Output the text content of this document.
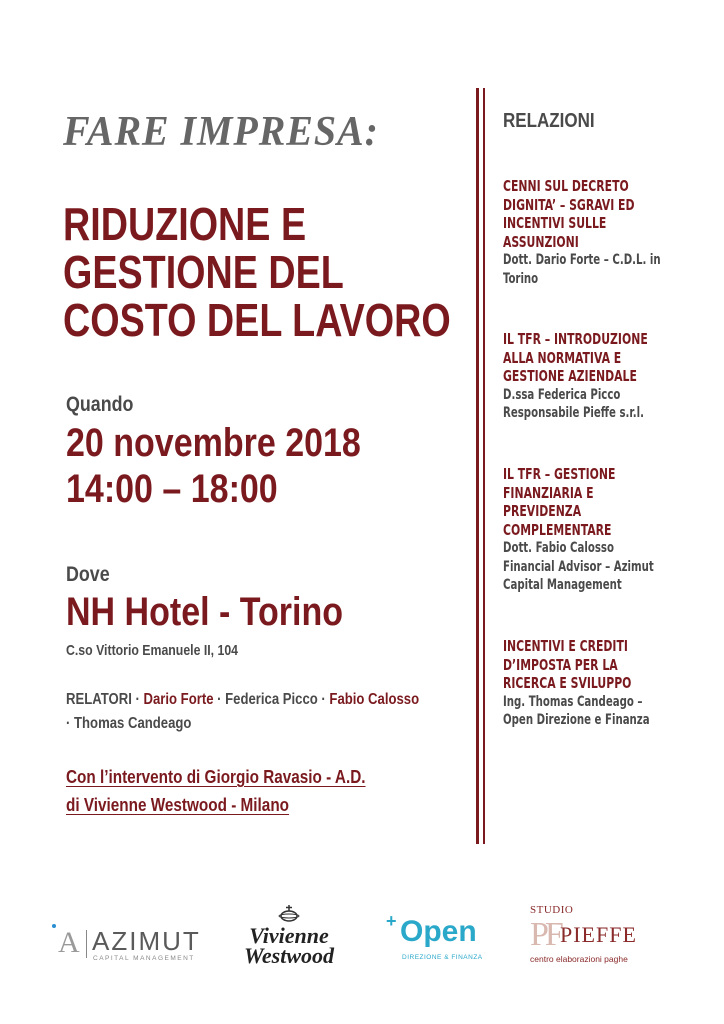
FARE IMPRESA:
RIDUZIONE E
GESTIONE DEL
COSTO DEL LAVORO
Quando
20 novembre 2018
14:00 – 18:00
Dove
NH Hotel - Torino
C.so Vittorio Emanuele II, 104
RELATORI · Dario Forte · Federica Picco · Fabio Calosso
· Thomas Candeago
Con l’intervento di Giorgio Ravasio - A.D.
di Vivienne Westwood - Milano
RELAZIONI
CENNI SUL DECRETO
DIGNITA’ – SGRAVI ED
INCENTIVI SULLE
ASSUNZIONI
Dott. Dario Forte – C.D.L. in
Torino
IL TFR – INTRODUZIONE
ALLA NORMATIVA E
GESTIONE AZIENDALE
D.ssa Federica Picco
Responsabile Pieffe s.r.l.
IL TFR – GESTIONE
FINANZIARIA E
PREVIDENZA
COMPLEMENTARE
Dott. Fabio Calosso
Financial Advisor – Azimut
Capital Management
INCENTIVI E CREDITI
D’IMPOSTA PER LA
RICERCA E SVILUPPO
Ing. Thomas Candeago –
Open Direzione e Finanza
A AZIMUT
CAPITAL MANAGEMENT
Vivienne
Westwood
+ Open
DIREZIONE & FINANZA
STUDIO
PF PIEFFE
centro elaborazioni paghe
